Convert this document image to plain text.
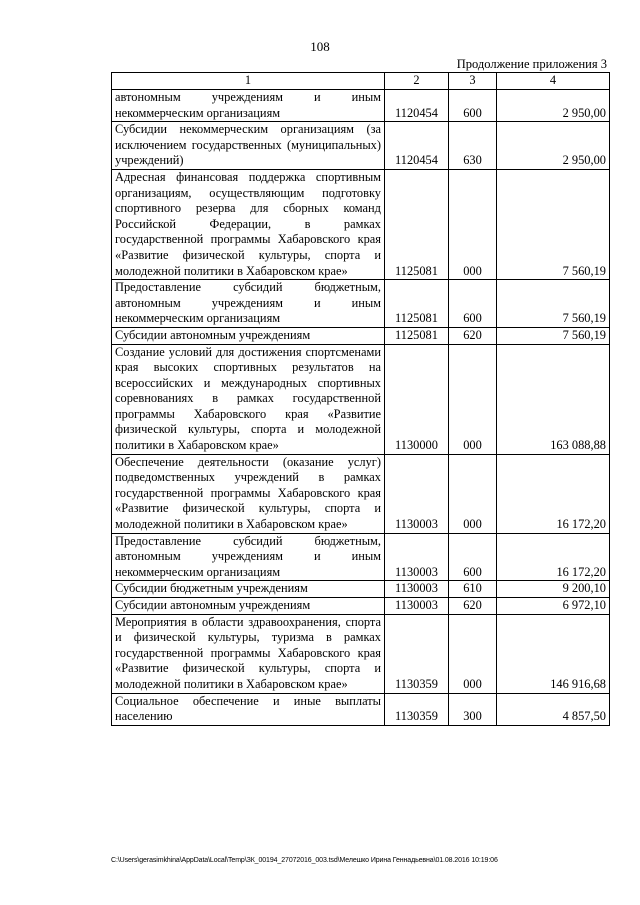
108
Продолжение приложения 3
1	2	3	4
автономным учреждениям и иным некоммерческим организациям	1120454	600	2 950,00
Субсидии некоммерческим организациям (за исключением государственных (муниципальных) учреждений)	1120454	630	2 950,00
Адресная финансовая поддержка спортивным организациям, осуществляющим подготовку спортивного резерва для сборных команд Российской Федерации, в рамках государственной программы Хабаровского края «Развитие физической культуры, спорта и молодежной политики в Хабаровском крае»	1125081	000	7 560,19
Предоставление субсидий бюджетным, автономным учреждениям и иным некоммерческим организациям	1125081	600	7 560,19
Субсидии автономным учреждениям	1125081	620	7 560,19
Создание условий для достижения спортсменами края высоких спортивных результатов на всероссийских и международных спортивных соревнованиях в рамках государственной программы Хабаровского края «Развитие физической культуры, спорта и молодежной политики в Хабаровском крае»	1130000	000	163 088,88
Обеспечение деятельности (оказание услуг) подведомственных учреждений в рамках государственной программы Хабаровского края «Развитие физической культуры, спорта и молодежной политики в Хабаровском крае»	1130003	000	16 172,20
Предоставление субсидий бюджетным, автономным учреждениям и иным некоммерческим организациям	1130003	600	16 172,20
Субсидии бюджетным учреждениям	1130003	610	9 200,10
Субсидии автономным учреждениям	1130003	620	6 972,10
Мероприятия в области здравоохранения, спорта и физической культуры, туризма в рамках государственной программы Хабаровского края «Развитие физической культуры, спорта и молодежной политики в Хабаровском крае»	1130359	000	146 916,68
Социальное обеспечение и иные выплаты населению	1130359	300	4 857,50
C:\Users\gerasimkhina\AppData\Local\Temp\ЗК_00194_27072016_003.tsd\Мелешко Ирина Геннадьевна\01.08.2016 10:19:06
